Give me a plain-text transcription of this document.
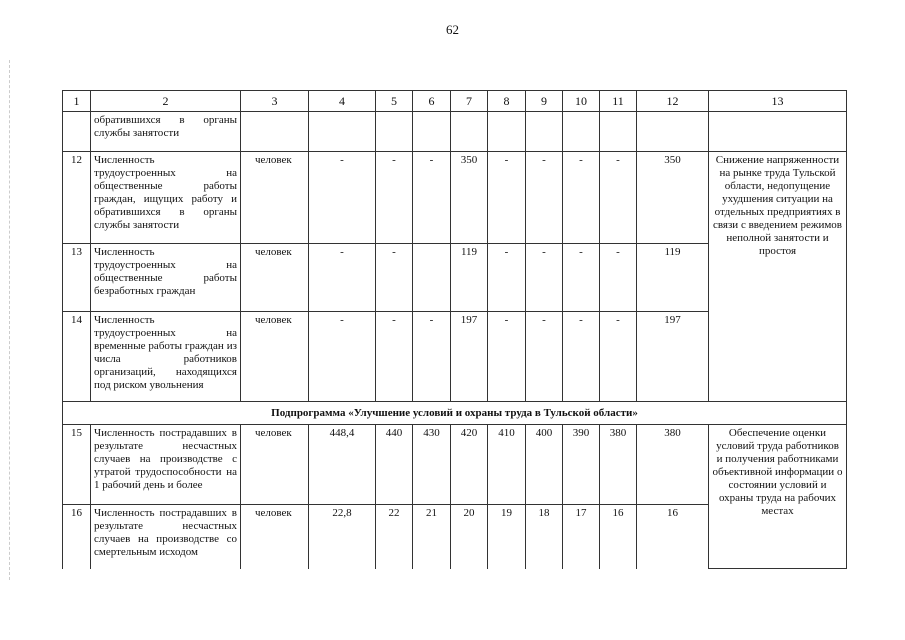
62
1	2	3	4	5	6	7	8	9	10	11	12	13
	обратившихся в органы службы занятости											
12	Численность трудоустроенных на общественные работы граждан, ищущих работу и обратившихся в органы службы занятости	человек	-	-	-	350	-	-	-	-	350	Снижение напряженности на рынке труда Тульской области, недопущение ухудшения ситуации на отдельных предприятиях в связи с введением режимов неполной занятости и простоя
13	Численность трудоустроенных на общественные работы безработных граждан	человек	-	-		119	-	-	-	-	119	
14	Численность трудоустроенных на временные работы граждан из числа работников организаций, находящихся под риском увольнения	человек	-	-	-	197	-	-	-	-	197	
Подпрограмма «Улучшение условий и охраны труда в Тульской области»												
15	Численность пострадавших в результате несчастных случаев на производстве с утратой трудоспособности на 1 рабочий день и более	человек	448,4	440	430	420	410	400	390	380	380	Обеспечение оценки условий труда работников и получения работниками объективной информации о состоянии условий и охраны труда на рабочих местах
16	Численность пострадавших в результате несчастных случаев на производстве со смертельным исходом	человек	22,8	22	21	20	19	18	17	16	16	
